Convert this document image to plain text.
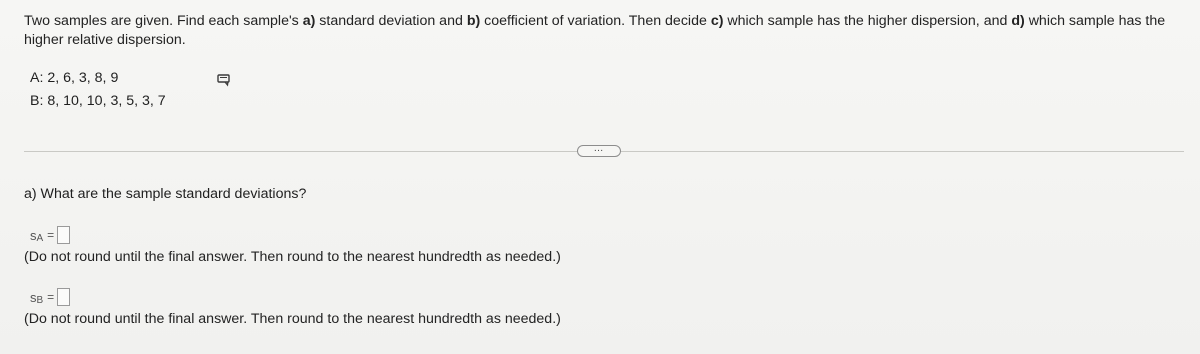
Two samples are given. Find each sample's a) standard deviation and b) coefficient of variation. Then decide c) which sample has the higher dispersion, and d) which sample has the higher relative dispersion.
A: 2, 6, 3, 8, 9
B: 8, 10, 10, 3, 5, 3, 7
…
a) What are the sample standard deviations?
s A =
(Do not round until the final answer. Then round to the nearest hundredth as needed.)
s B =
(Do not round until the final answer. Then round to the nearest hundredth as needed.)
